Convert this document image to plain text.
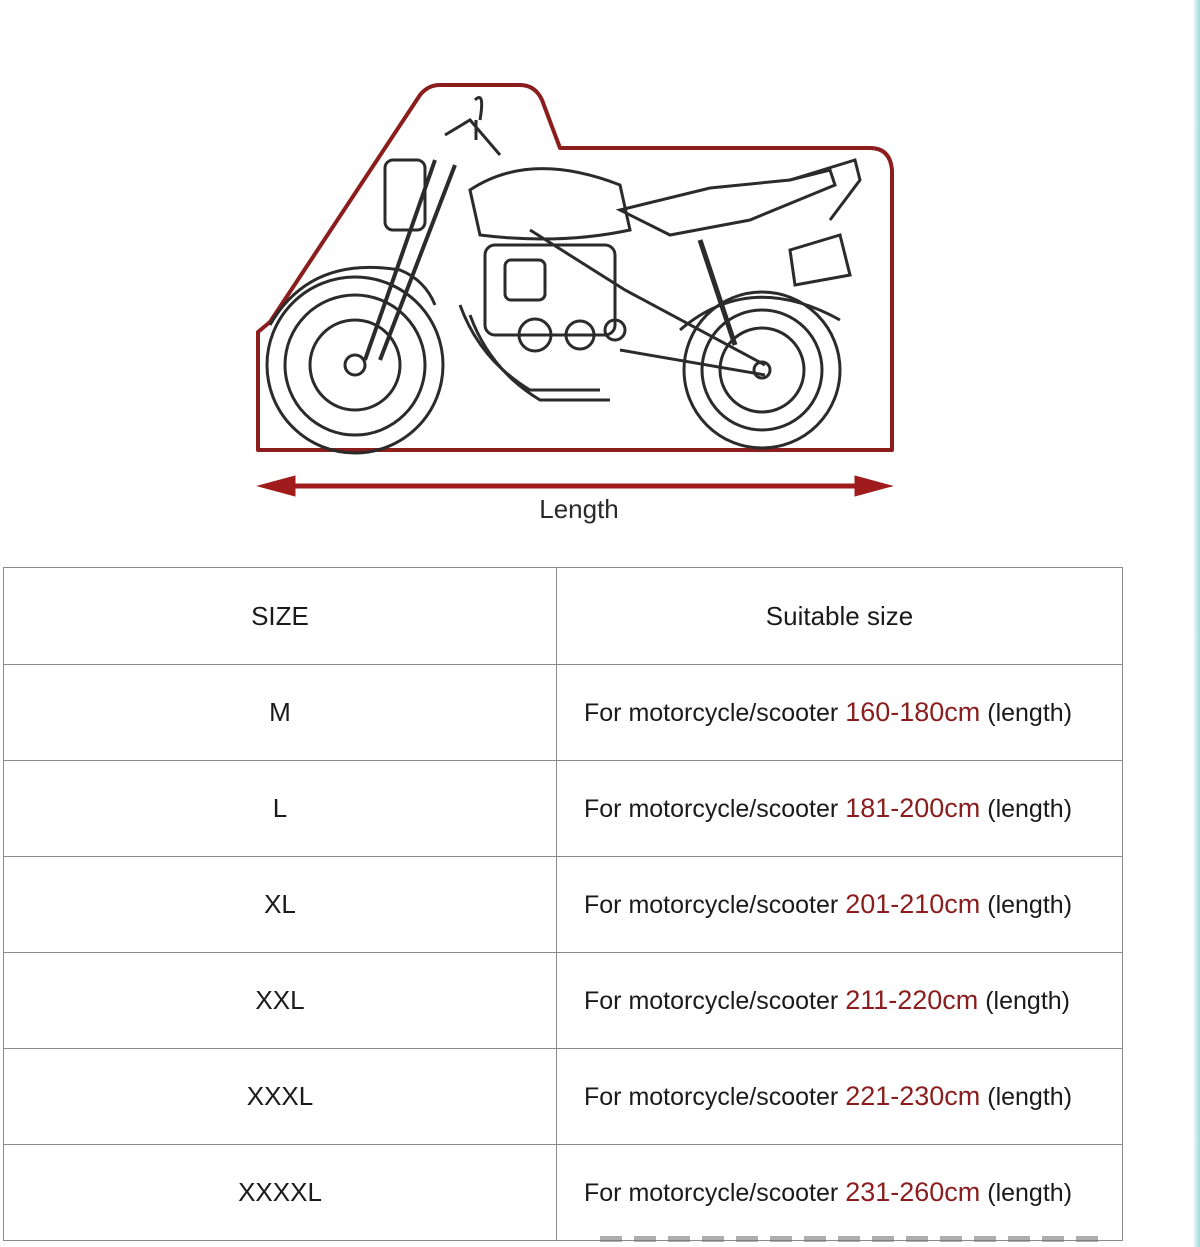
Length
SIZE	Suitable size
M	For motorcycle/scooter 160-180cm (length)
L	For motorcycle/scooter 181-200cm (length)
XL	For motorcycle/scooter 201-210cm (length)
XXL	For motorcycle/scooter 211-220cm (length)
XXXL	For motorcycle/scooter 221-230cm (length)
XXXXL	For motorcycle/scooter 231-260cm (length)
